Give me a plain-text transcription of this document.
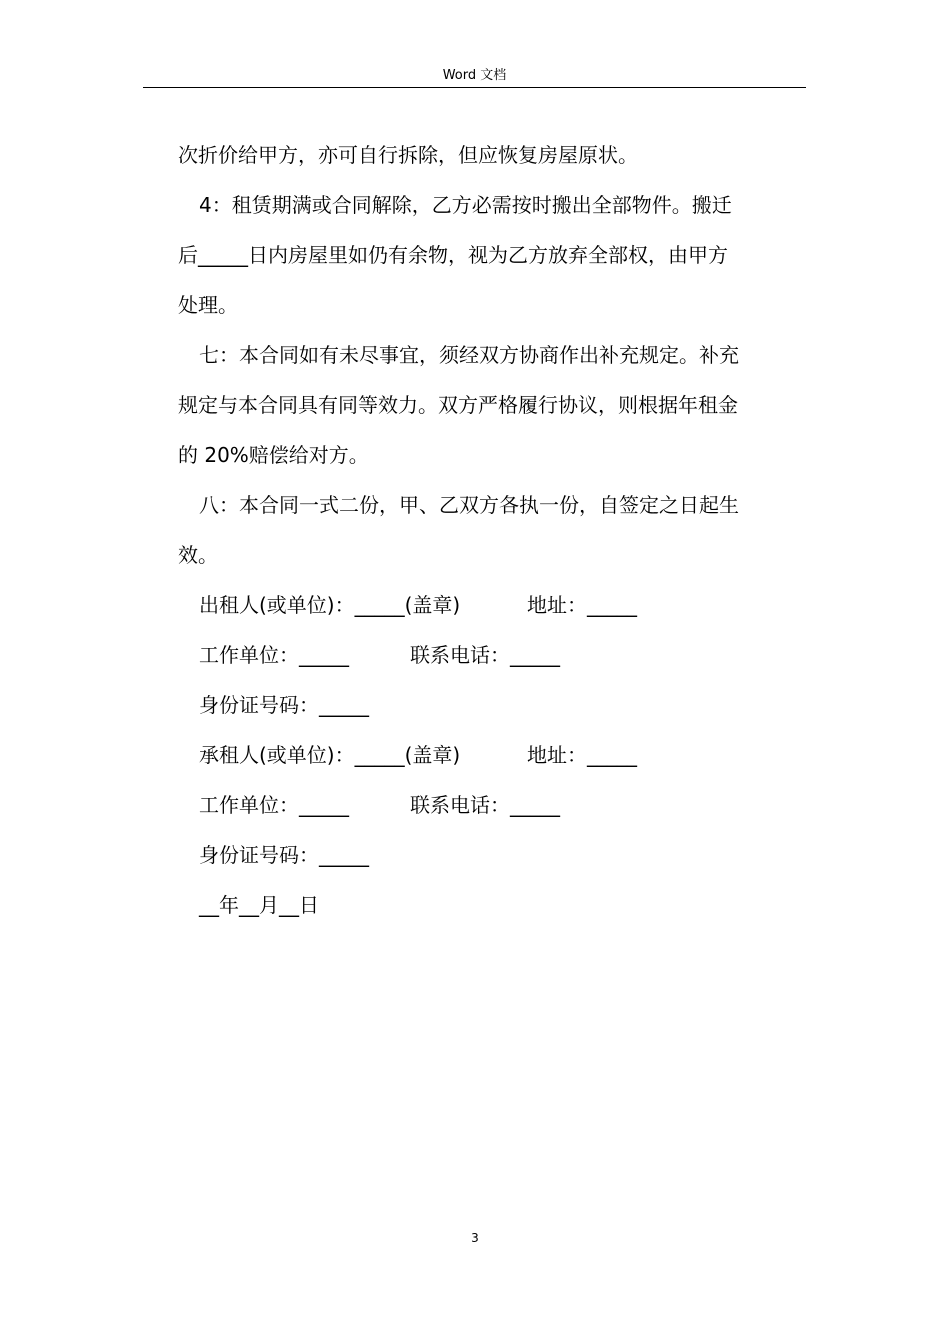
Word 文档

次折价给甲方，亦可自行拆除，但应恢复房屋原状。

4：租赁期满或合同解除，乙方必需按时搬出全部物件。搬迁

后_____日内房屋里如仍有余物，视为乙方放弃全部权，由甲方

处理。

七：本合同如有未尽事宜，须经双方协商作出补充规定。补充

规定与本合同具有同等效力。双方严格履行协议，则根据年租金

的 20%赔偿给对方。

八：本合同一式二份，甲、乙双方各执一份，自签定之日起生

效。

出租人(或单位)：_____(盖章)	地址：_____
工作单位：_____	联系电话：_____
身份证号码：_____
承租人(或单位)：_____(盖章)	地址：_____
工作单位：_____	联系电话：_____
身份证号码：_____
__年__月__日
3
